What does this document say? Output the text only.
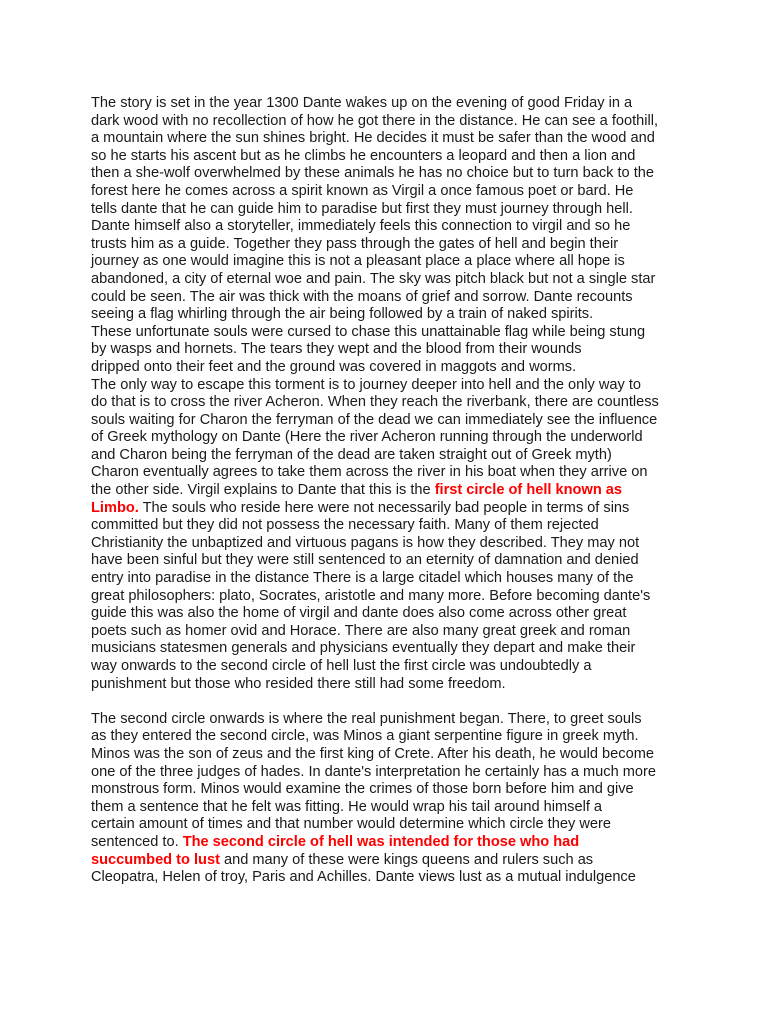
The story is set in the year 1300 Dante wakes up on the evening of good Friday in a
dark wood with no recollection of how he got there in the distance. He can see a foothill,
a mountain where the sun shines bright. He decides it must be safer than the wood and
so he starts his ascent but as he climbs he encounters a leopard and then a lion and
then a she-wolf overwhelmed by these animals he has no choice but to turn back to the
forest here he comes across a spirit known as Virgil a once famous poet or bard. He
tells dante that he can guide him to paradise but first they must journey through hell.
Dante himself also a storyteller, immediately feels this connection to virgil and so he
trusts him as a guide. Together they pass through the gates of hell and begin their
journey as one would imagine this is not a pleasant place a place where all hope is
abandoned, a city of eternal woe and pain. The sky was pitch black but not a single star
could be seen. The air was thick with the moans of grief and sorrow. Dante recounts
seeing a flag whirling through the air being followed by a train of naked spirits.
These unfortunate souls were cursed to chase this unattainable flag while being stung
by wasps and hornets. The tears they wept and the blood from their wounds
dripped onto their feet and the ground was covered in maggots and worms.
The only way to escape this torment is to journey deeper into hell and the only way to
do that is to cross the river Acheron. When they reach the riverbank, there are countless
souls waiting for Charon the ferryman of the dead we can immediately see the influence
of Greek mythology on Dante (Here the river Acheron running through the underworld
and Charon being the ferryman of the dead are taken straight out of Greek myth)
Charon eventually agrees to take them across the river in his boat when they arrive on
the other side. Virgil explains to Dante that this is the first circle of hell known as
Limbo. The souls who reside here were not necessarily bad people in terms of sins
committed but they did not possess the necessary faith. Many of them rejected
Christianity the unbaptized and virtuous pagans is how they described. They may not
have been sinful but they were still sentenced to an eternity of damnation and denied
entry into paradise in the distance There is a large citadel which houses many of the
great philosophers: plato, Socrates, aristotle and many more. Before becoming dante's
guide this was also the home of virgil and dante does also come across other great
poets such as homer ovid and Horace. There are also many great greek and roman
musicians statesmen generals and physicians eventually they depart and make their
way onwards to the second circle of hell lust the first circle was undoubtedly a
punishment but those who resided there still had some freedom.
The second circle onwards is where the real punishment began. There, to greet souls
as they entered the second circle, was Minos a giant serpentine figure in greek myth.
Minos was the son of zeus and the first king of Crete. After his death, he would become
one of the three judges of hades. In dante's interpretation he certainly has a much more
monstrous form. Minos would examine the crimes of those born before him and give
them a sentence that he felt was fitting. He would wrap his tail around himself a
certain amount of times and that number would determine which circle they were
sentenced to. The second circle of hell was intended for those who had
succumbed to lust and many of these were kings queens and rulers such as
Cleopatra, Helen of troy, Paris and Achilles. Dante views lust as a mutual indulgence
